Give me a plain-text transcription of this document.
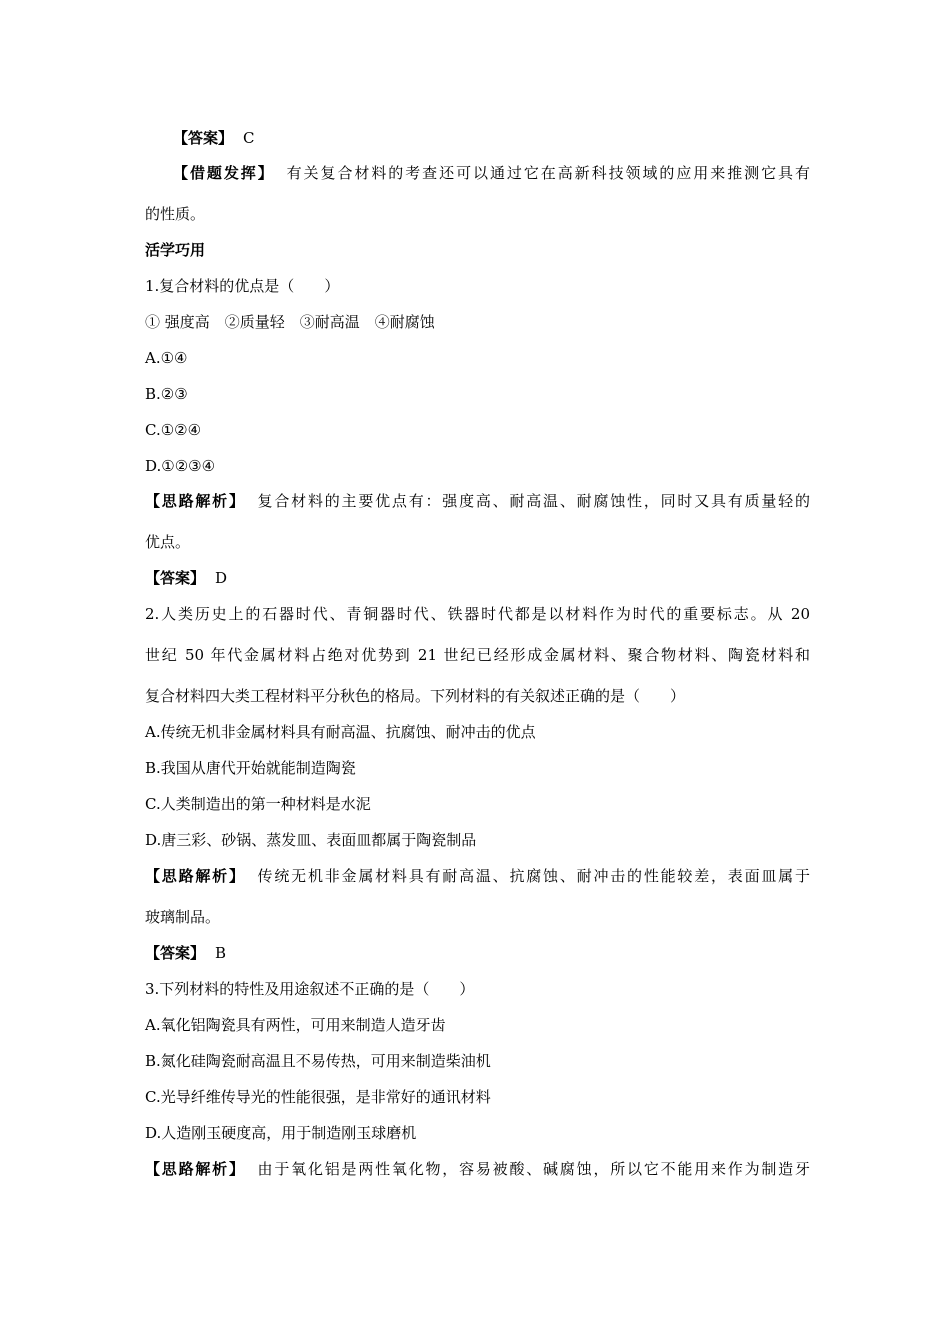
【答案】 C
【借题发挥】 有关复合材料的考查还可以通过它在高新科技领域的应用来推测它具有
的性质。
活学巧用
1.复合材料的优点是（　　）
① 强度高　②质量轻　③耐高温　④耐腐蚀
A.①④
B.②③
C.①②④
D.①②③④
【思路解析】 复合材料的主要优点有：强度高、耐高温、耐腐蚀性，同时又具有质量轻的
优点。
【答案】 D
2.人类历史上的石器时代、青铜器时代、铁器时代都是以材料作为时代的重要标志。从 20
世纪 50 年代金属材料占绝对优势到 21 世纪已经形成金属材料、聚合物材料、陶瓷材料和
复合材料四大类工程材料平分秋色的格局。下列材料的有关叙述正确的是（　　）
A.传统无机非金属材料具有耐高温、抗腐蚀、耐冲击的优点
B.我国从唐代开始就能制造陶瓷
C.人类制造出的第一种材料是水泥
D.唐三彩、砂锅、蒸发皿、表面皿都属于陶瓷制品
【思路解析】 传统无机非金属材料具有耐高温、抗腐蚀、耐冲击的性能较差，表面皿属于
玻璃制品。
【答案】 B
3.下列材料的特性及用途叙述不正确的是（　　）
A.氧化铝陶瓷具有两性，可用来制造人造牙齿
B.氮化硅陶瓷耐高温且不易传热，可用来制造柴油机
C.光导纤维传导光的性能很强，是非常好的通讯材料
D.人造刚玉硬度高，用于制造刚玉球磨机
【思路解析】 由于氧化铝是两性氧化物，容易被酸、碱腐蚀，所以它不能用来作为制造牙
